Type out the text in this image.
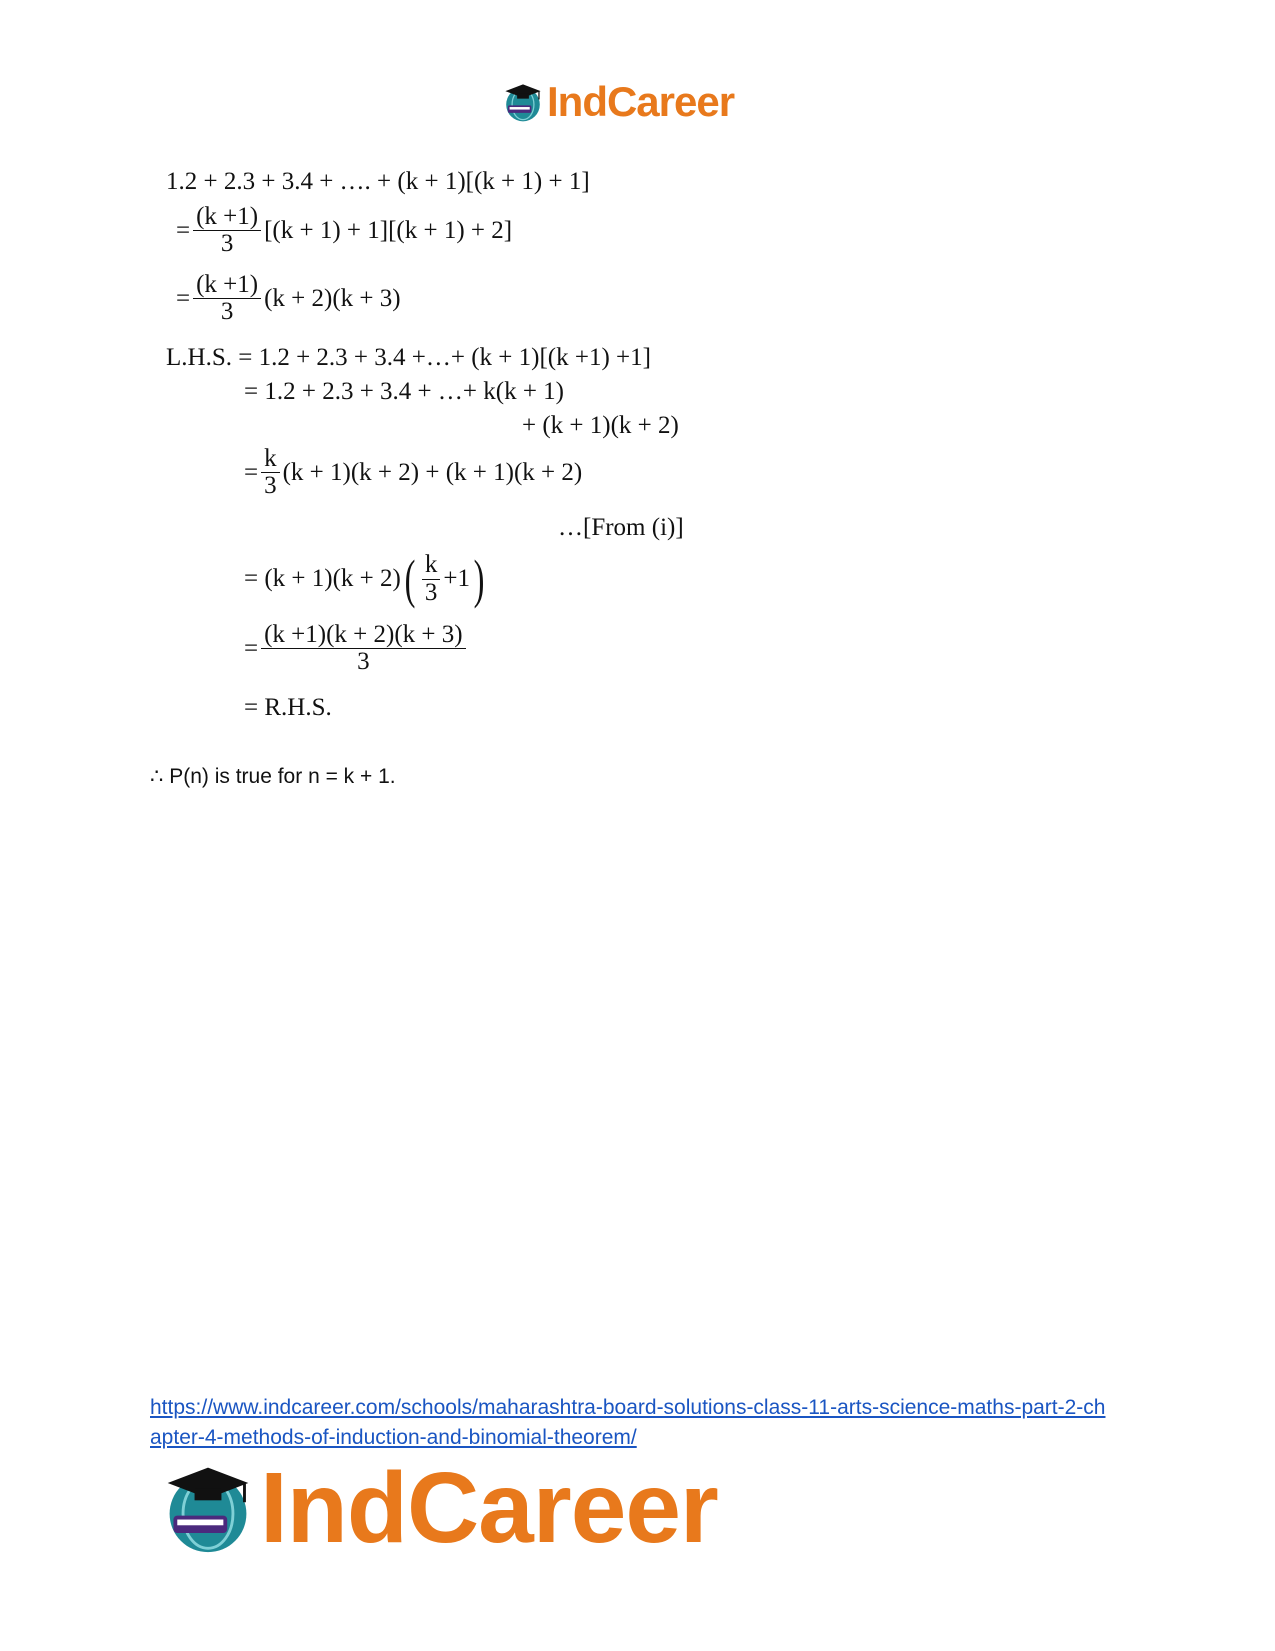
IndCareer
1.2 + 2.3 + 3.4 + …. + (k + 1)[(k + 1) + 1]
= $\frac{(k +1)}{3} [(k + 1) + 1][(k + 1) + 2]$
= $\frac{(k +1)}{3} (k + 2)(k + 3)$
L.H.S. = 1.2 + 2.3 + 3.4 +…+ (k + 1)[(k +1) +1]
= 1.2 + 2.3 + 3.4 + …+ k(k + 1)
+ (k + 1)(k + 2)
= $\frac{k}{3} (k + 1)(k + 2) + (k + 1)(k + 2)$
…[From (i)]
= (k + 1)(k + 2) ( $\frac{k}{3} +1$ )
= $\frac{(k +1)(k + 2)(k + 3)}{3}$
= R.H.S.
∴ P(n) is true for n = k + 1.
https://www.indcareer.com/schools/maharashtra-board-solutions-class-11-arts-science-maths-part-2-chapter-4-methods-of-induction-and-binomial-theorem/
IndCareer
